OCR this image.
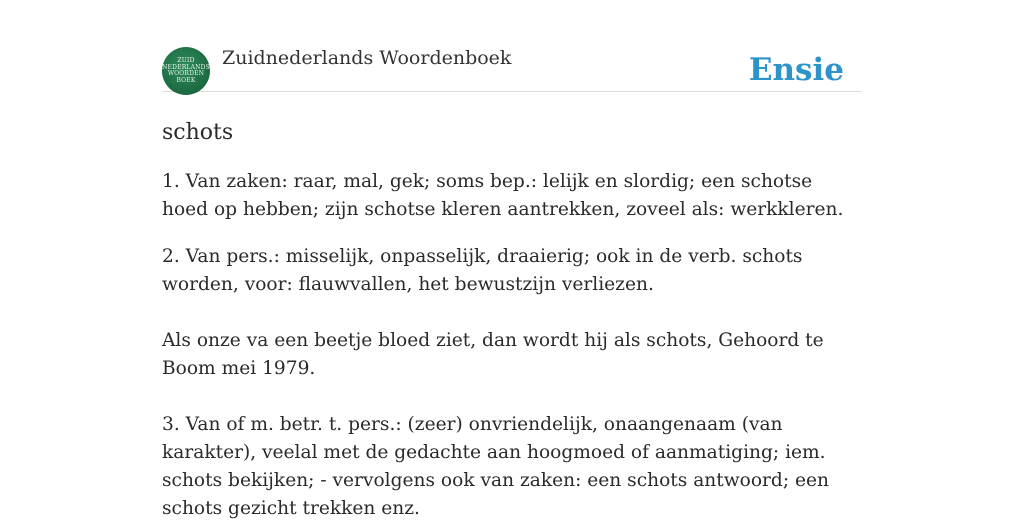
ZUID
NEDERLANDS
WOORDEN
BOEK
Zuidnederlands Woordenboek	Ensie
schots

1. Van zaken: raar, mal, gek; soms bep.: lelijk en slordig; een schotse hoed op hebben; zijn schotse kleren aantrekken, zoveel als: werkkleren.

2. Van pers.: misselijk, onpasselijk, draaierig; ook in de verb. schots worden, voor: flauwvallen, het bewustzijn verliezen.

Als onze va een beetje bloed ziet, dan wordt hij als schots, Gehoord te Boom mei 1979.

3. Van of m. betr. t. pers.: (zeer) onvriendelijk, onaangenaam (van karakter), veelal met de gedachte aan hoogmoed of aanmatiging; iem. schots bekijken; - vervolgens ook van zaken: een schots antwoord; een schots gezicht trekken enz.
